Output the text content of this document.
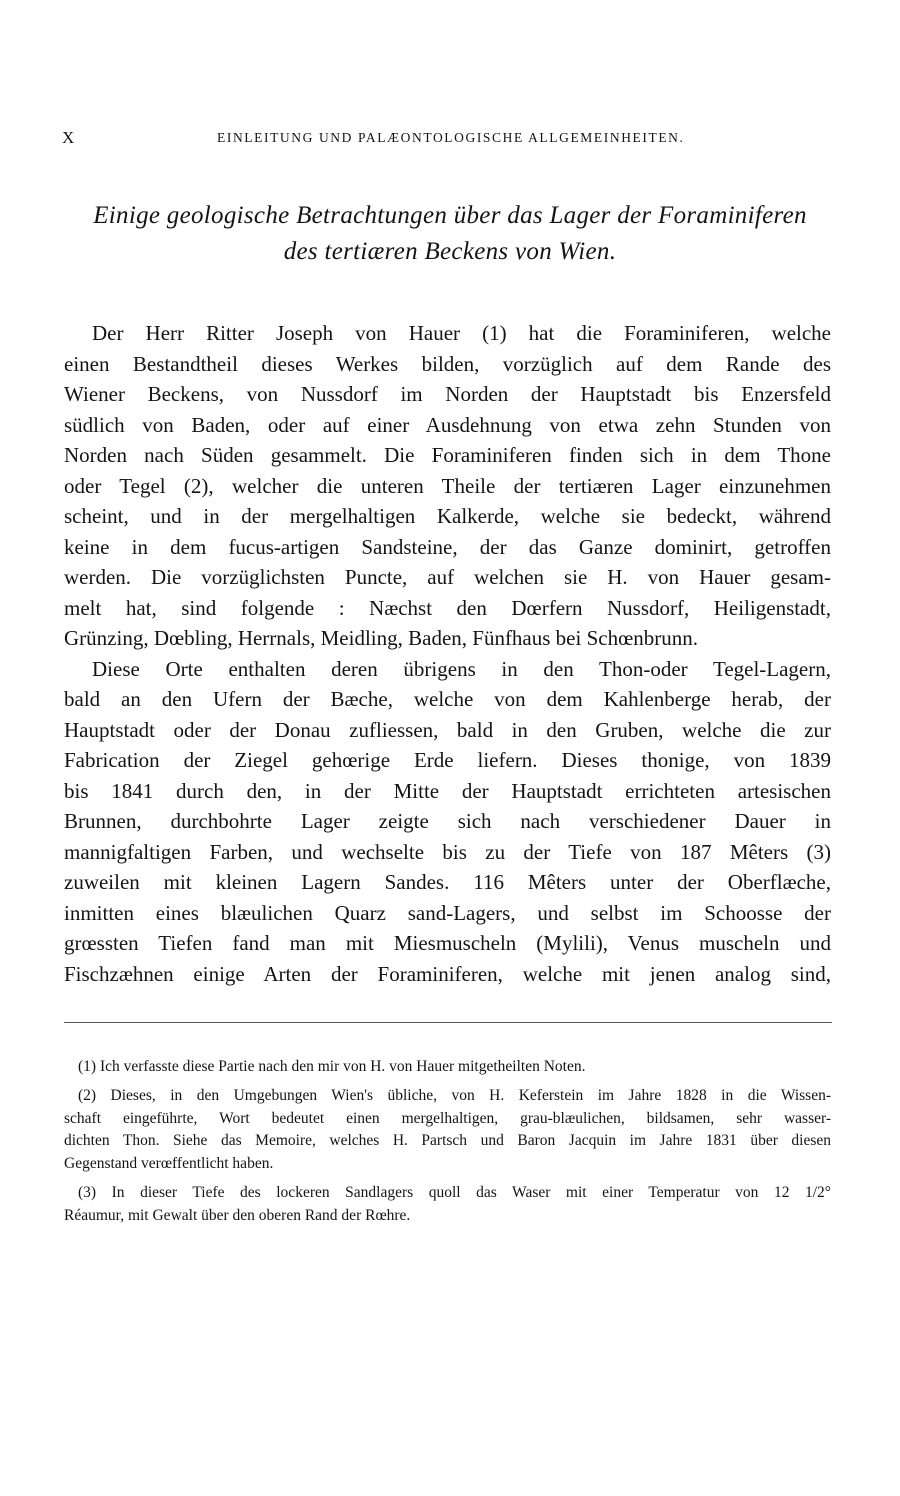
X	EINLEITUNG UND PALÆONTOLOGISCHE ALLGEMEINHEITEN.
Einige geologische Betrachtungen über das Lager der Foraminiferen
des tertiæren Beckens von Wien.
Der Herr Ritter Joseph von Hauer (1) hat die Foraminiferen, welche
einen Bestandtheil dieses Werkes bilden, vorzüglich auf dem Rande des
Wiener Beckens, von Nussdorf im Norden der Hauptstadt bis Enzersfeld
südlich von Baden, oder auf einer Ausdehnung von etwa zehn Stunden von
Norden nach Süden gesammelt. Die Foraminiferen finden sich in dem Thone
oder Tegel (2), welcher die unteren Theile der tertiæren Lager einzunehmen
scheint, und in der mergelhaltigen Kalkerde, welche sie bedeckt, während
keine in dem fucus-artigen Sandsteine, der das Ganze dominirt, getroffen
werden. Die vorzüglichsten Puncte, auf welchen sie H. von Hauer gesam-
melt hat, sind folgende : Næchst den Dœrfern Nussdorf, Heiligenstadt,
Grünzing, Dœbling, Herrnals, Meidling, Baden, Fünfhaus bei Schœnbrunn.
Diese Orte enthalten deren übrigens in den Thon-oder Tegel-Lagern,
bald an den Ufern der Bæche, welche von dem Kahlenberge herab, der
Hauptstadt oder der Donau zufliessen, bald in den Gruben, welche die zur
Fabrication der Ziegel gehœrige Erde liefern. Dieses thonige, von 1839
bis 1841 durch den, in der Mitte der Hauptstadt errichteten artesischen
Brunnen, durchbohrte Lager zeigte sich nach verschiedener Dauer in
mannigfaltigen Farben, und wechselte bis zu der Tiefe von 187 Mêters (3)
zuweilen mit kleinen Lagern Sandes. 116 Mêters unter der Oberflæche,
inmitten eines blæulichen Quarz sand-Lagers, und selbst im Schoosse der
grœssten Tiefen fand man mit Miesmuscheln (Mylili), Venus muscheln und
Fischzæhnen einige Arten der Foraminiferen, welche mit jenen analog sind,
(1) Ich verfasste diese Partie nach den mir von H. von Hauer mitgetheilten Noten.
(2) Dieses, in den Umgebungen Wien's übliche, von H. Keferstein im Jahre 1828 in die Wissen-
schaft eingeführte, Wort bedeutet einen mergelhaltigen, grau-blæulichen, bildsamen, sehr wasser-
dichten Thon. Siehe das Memoire, welches H. Partsch und Baron Jacquin im Jahre 1831 über diesen
Gegenstand verœffentlicht haben.
(3) In dieser Tiefe des lockeren Sandlagers quoll das Waser mit einer Temperatur von 12 1/2°
Réaumur, mit Gewalt über den oberen Rand der Rœhre.
